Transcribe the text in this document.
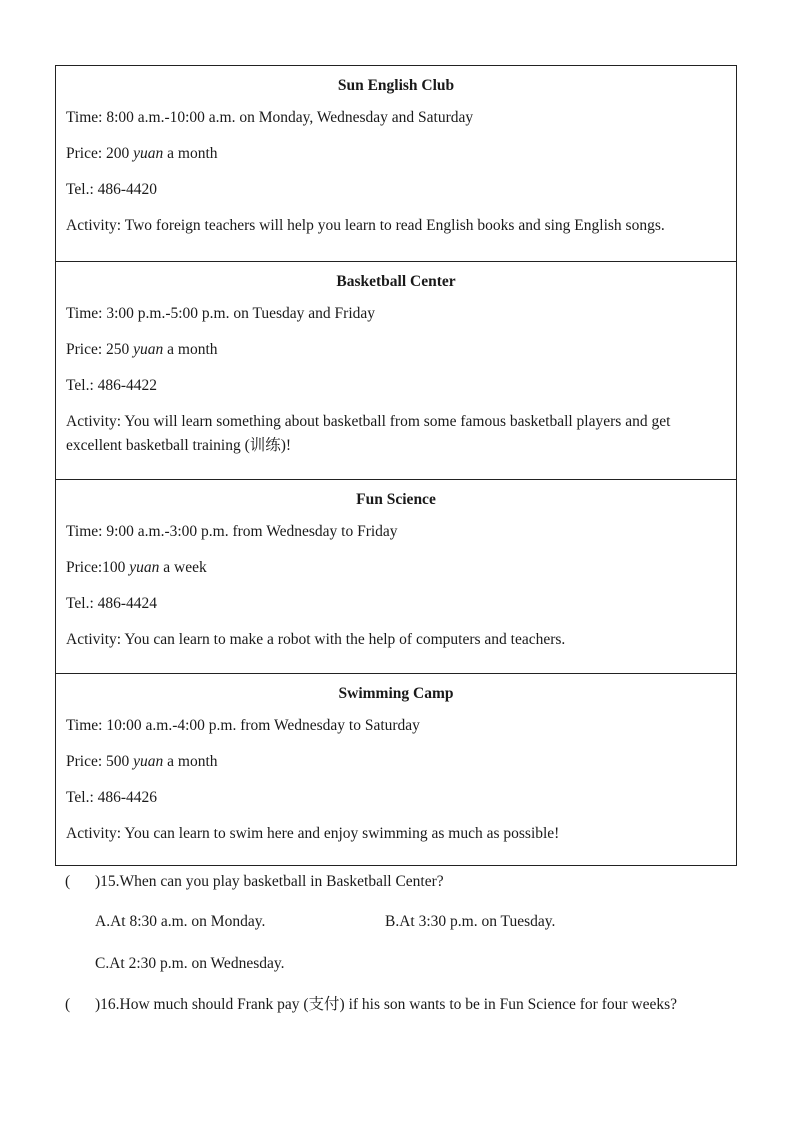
Sun English Club
Time: 8:00 a.m.-10:00 a.m. on Monday, Wednesday and Saturday
Price: 200 yuan a month
Tel.: 486-4420
Activity: Two foreign teachers will help you learn to read English books and sing English songs.
Basketball Center
Time: 3:00 p.m.-5:00 p.m. on Tuesday and Friday
Price: 250 yuan a month
Tel.: 486-4422
Activity: You will learn something about basketball from some famous basketball players and get excellent basketball training (训练)!
Fun Science
Time: 9:00 a.m.-3:00 p.m. from Wednesday to Friday
Price:100 yuan a week
Tel.: 486-4424
Activity: You can learn to make a robot with the help of computers and teachers.
Swimming Camp
Time: 10:00 a.m.-4:00 p.m. from Wednesday to Saturday
Price: 500 yuan a month
Tel.: 486-4426
Activity: You can learn to swim here and enjoy swimming as much as possible!
( )15.When can you play basketball in Basketball Center?
A.At 8:30 a.m. on Monday.	B.At 3:30 p.m. on Tuesday.
C.At 2:30 p.m. on Wednesday.
( )16.How much should Frank pay (支付) if his son wants to be in Fun Science for four weeks?
